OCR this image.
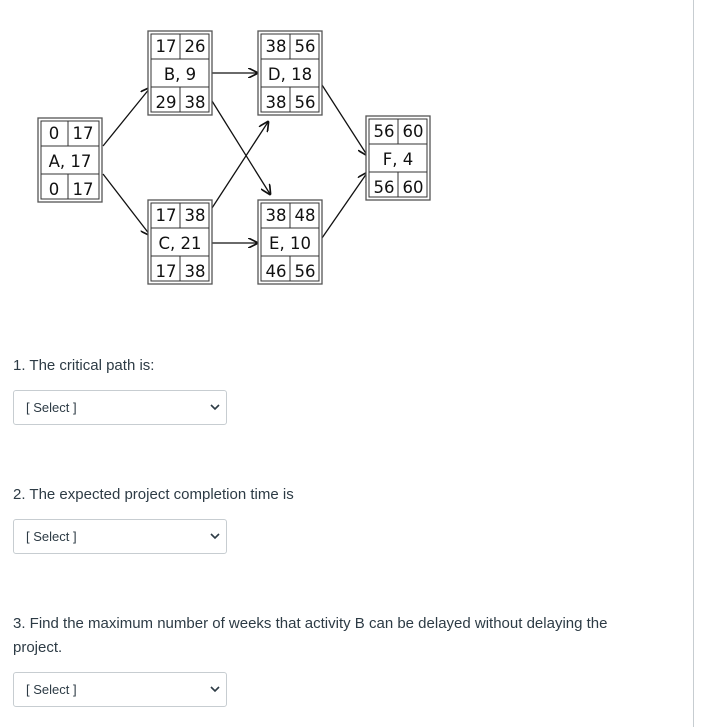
0 17
A, 17
0 17
17 26
B, 9
29 38
17 38
C, 21
17 38
38 56
D, 18
38 56
38 48
E, 10
46 56
56 60
F, 4
56 60
1. The critical path is:
[ Select ]
2. The expected project completion time is
[ Select ]
3. Find the maximum number of weeks that activity B can be delayed without delaying the project.
[ Select ]
